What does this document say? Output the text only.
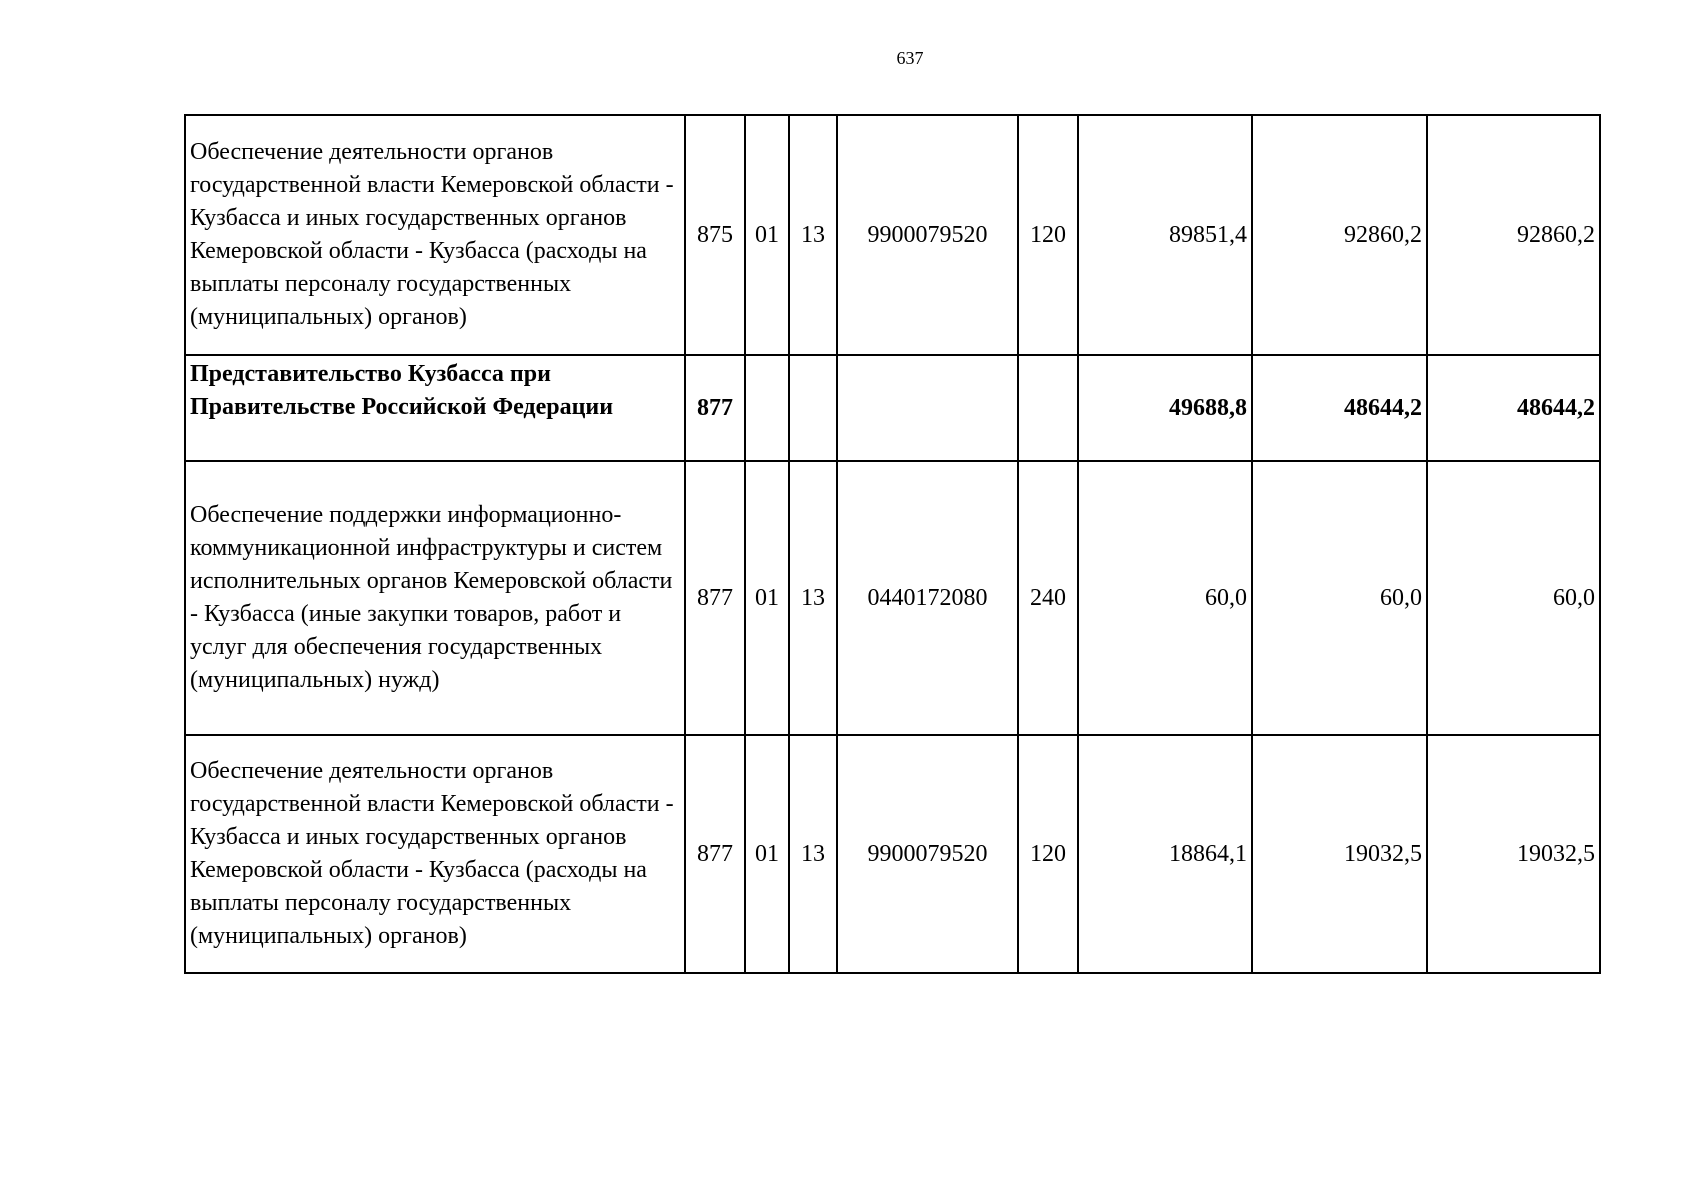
637
Обеспечение деятельности органов государственной власти Кемеровской области - Кузбасса и иных государственных органов Кемеровской области - Кузбасса (расходы на выплаты персоналу государственных (муниципальных) органов)	875	01	13	9900079520	120	89851,4	92860,2	92860,2
Представительство Кузбасса при Правительстве Российской Федерации	877					49688,8	48644,2	48644,2
Обеспечение поддержки информационно-коммуникационной инфраструктуры и систем исполнительных органов Кемеровской области - Кузбасса (иные закупки товаров, работ и услуг для обеспечения государственных (муниципальных) нужд)	877	01	13	0440172080	240	60,0	60,0	60,0
Обеспечение деятельности органов государственной власти Кемеровской области - Кузбасса и иных государственных органов Кемеровской области - Кузбасса (расходы на выплаты персоналу государственных (муниципальных) органов)	877	01	13	9900079520	120	18864,1	19032,5	19032,5
